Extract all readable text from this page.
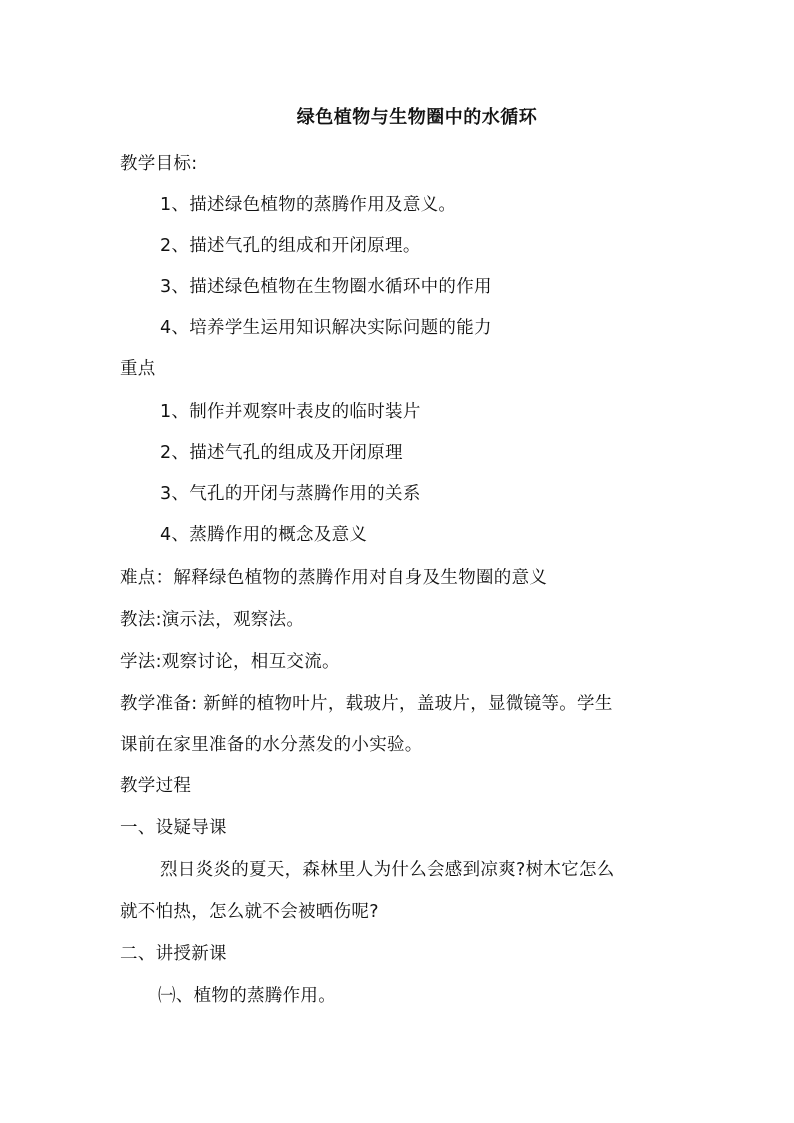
绿色植物与生物圈中的水循环
教学目标:
1、描述绿色植物的蒸腾作用及意义。
2、描述气孔的组成和开闭原理。
3、描述绿色植物在生物圈水循环中的作用
4、培养学生运用知识解决实际问题的能力
重点
1、制作并观察叶表皮的临时装片
2、描述气孔的组成及开闭原理
3、气孔的开闭与蒸腾作用的关系
4、蒸腾作用的概念及意义
难点：解释绿色植物的蒸腾作用对自身及生物圈的意义
教法:演示法，观察法。
学法:观察讨论，相互交流。
教学准备: 新鲜的植物叶片，载玻片，盖玻片，显微镜等。学生
课前在家里准备的水分蒸发的小实验。
教学过程
一、设疑导课
烈日炎炎的夏天，森林里人为什么会感到凉爽?树木它怎么
就不怕热，怎么就不会被晒伤呢?
二、讲授新课
㈠、植物的蒸腾作用。
